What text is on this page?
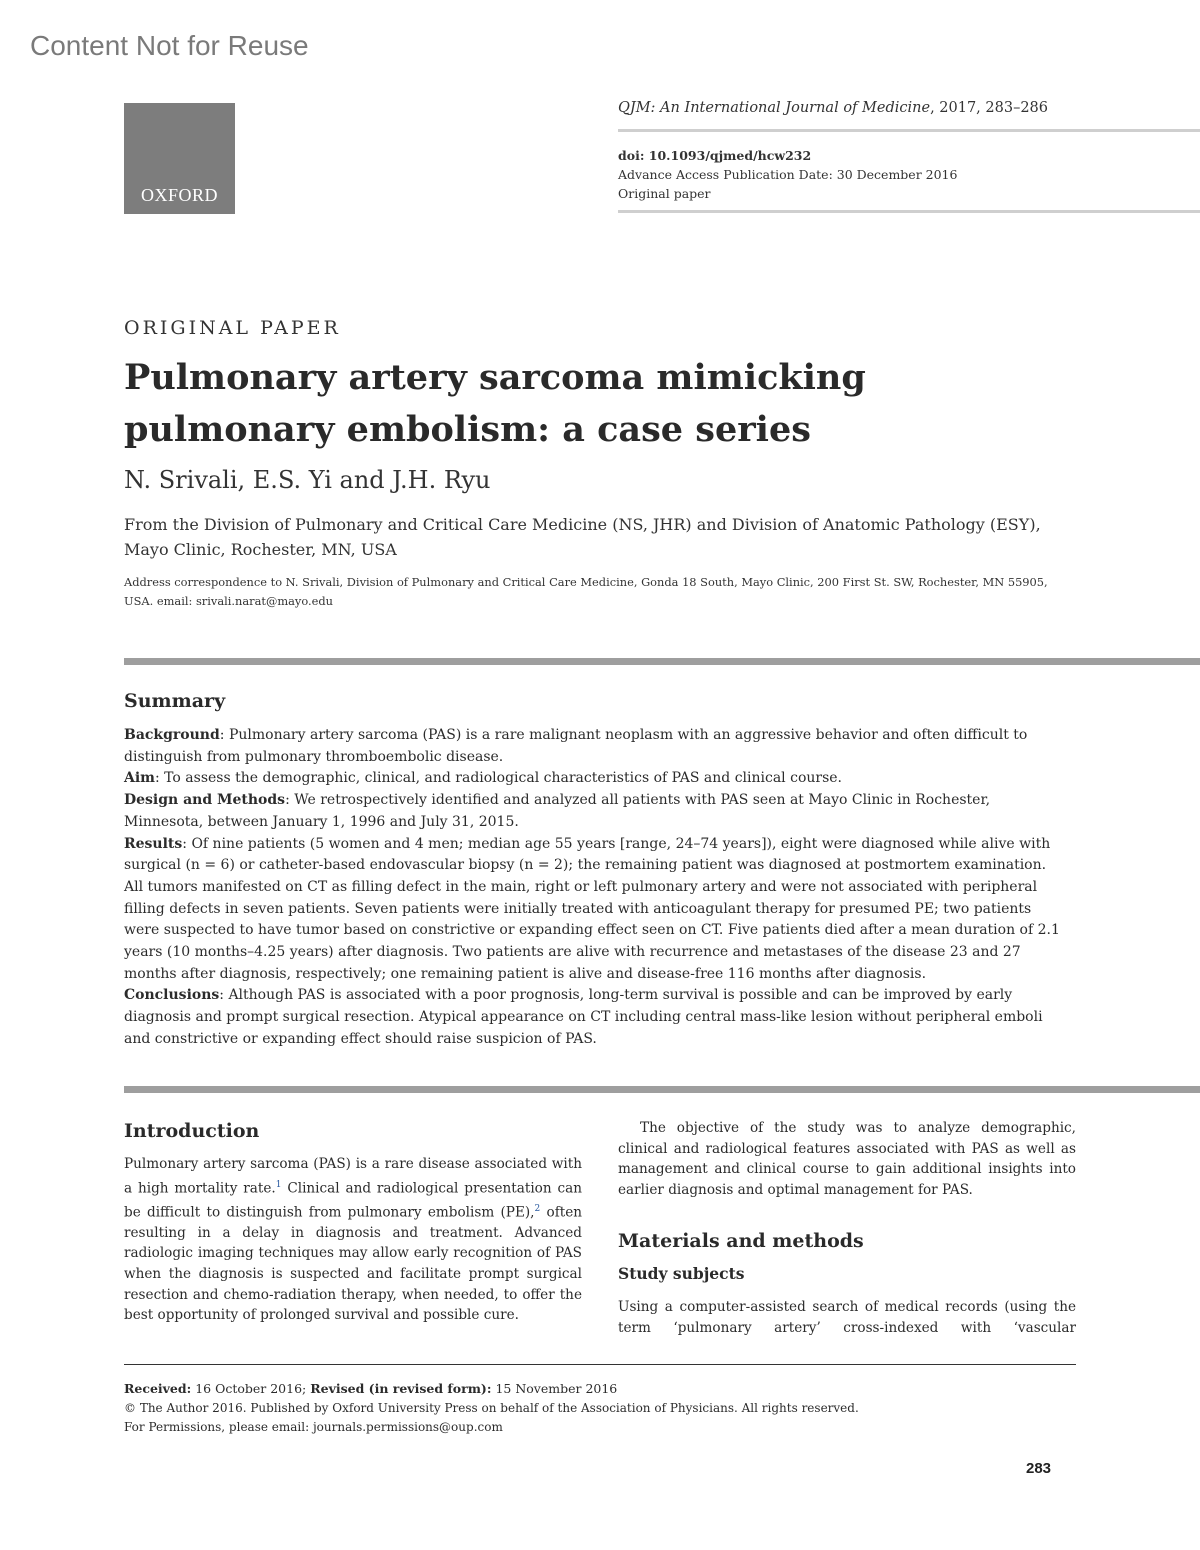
Content Not for Reuse
OXFORD
QJM: An International Journal of Medicine, 2017, 283–286
doi: 10.1093/qjmed/hcw232
Advance Access Publication Date: 30 December 2016
Original paper
ORIGINAL PAPER
Pulmonary artery sarcoma mimicking pulmonary embolism: a case series
N. Srivali, E.S. Yi and J.H. Ryu
From the Division of Pulmonary and Critical Care Medicine (NS, JHR) and Division of Anatomic Pathology (ESY), Mayo Clinic, Rochester, MN, USA
Address correspondence to N. Srivali, Division of Pulmonary and Critical Care Medicine, Gonda 18 South, Mayo Clinic, 200 First St. SW, Rochester, MN 55905, USA. email: srivali.narat@mayo.edu
Summary

Background: Pulmonary artery sarcoma (PAS) is a rare malignant neoplasm with an aggressive behavior and often difficult to distinguish from pulmonary thromboembolic disease.

Aim: To assess the demographic, clinical, and radiological characteristics of PAS and clinical course.

Design and Methods: We retrospectively identified and analyzed all patients with PAS seen at Mayo Clinic in Rochester, Minnesota, between January 1, 1996 and July 31, 2015.

Results: Of nine patients (5 women and 4 men; median age 55 years [range, 24–74 years]), eight were diagnosed while alive with surgical (n = 6) or catheter-based endovascular biopsy (n = 2); the remaining patient was diagnosed at postmortem examination. All tumors manifested on CT as filling defect in the main, right or left pulmonary artery and were not associated with peripheral filling defects in seven patients. Seven patients were initially treated with anticoagulant therapy for presumed PE; two patients were suspected to have tumor based on constrictive or expanding effect seen on CT. Five patients died after a mean duration of 2.1 years (10 months–4.25 years) after diagnosis. Two patients are alive with recurrence and metastases of the disease 23 and 27 months after diagnosis, respectively; one remaining patient is alive and disease-free 116 months after diagnosis.

Conclusions: Although PAS is associated with a poor prognosis, long-term survival is possible and can be improved by early diagnosis and prompt surgical resection. Atypical appearance on CT including central mass-like lesion without peripheral emboli and constrictive or expanding effect should raise suspicion of PAS.

Introduction

Pulmonary artery sarcoma (PAS) is a rare disease associated with a high mortality rate.$^1$ Clinical and radiological presentation can be difficult to distinguish from pulmonary embolism (PE),$^2$ often resulting in a delay in diagnosis and treatment. Advanced radiologic imaging techniques may allow early recognition of PAS when the diagnosis is suspected and facilitate prompt surgical resection and chemo-radiation therapy, when needed, to offer the best opportunity of prolonged survival and possible cure.

The objective of the study was to analyze demographic, clinical and radiological features associated with PAS as well as management and clinical course to gain additional insights into earlier diagnosis and optimal management for PAS.

Materials and methods
Study subjects

Using a computer-assisted search of medical records (using the term ‘pulmonary artery’ cross-indexed with ‘vascular

Received: 16 October 2016; Revised (in revised form): 15 November 2016

© The Author 2016. Published by Oxford University Press on behalf of the Association of Physicians. All rights reserved.

For Permissions, please email: journals.permissions@oup.com

283
